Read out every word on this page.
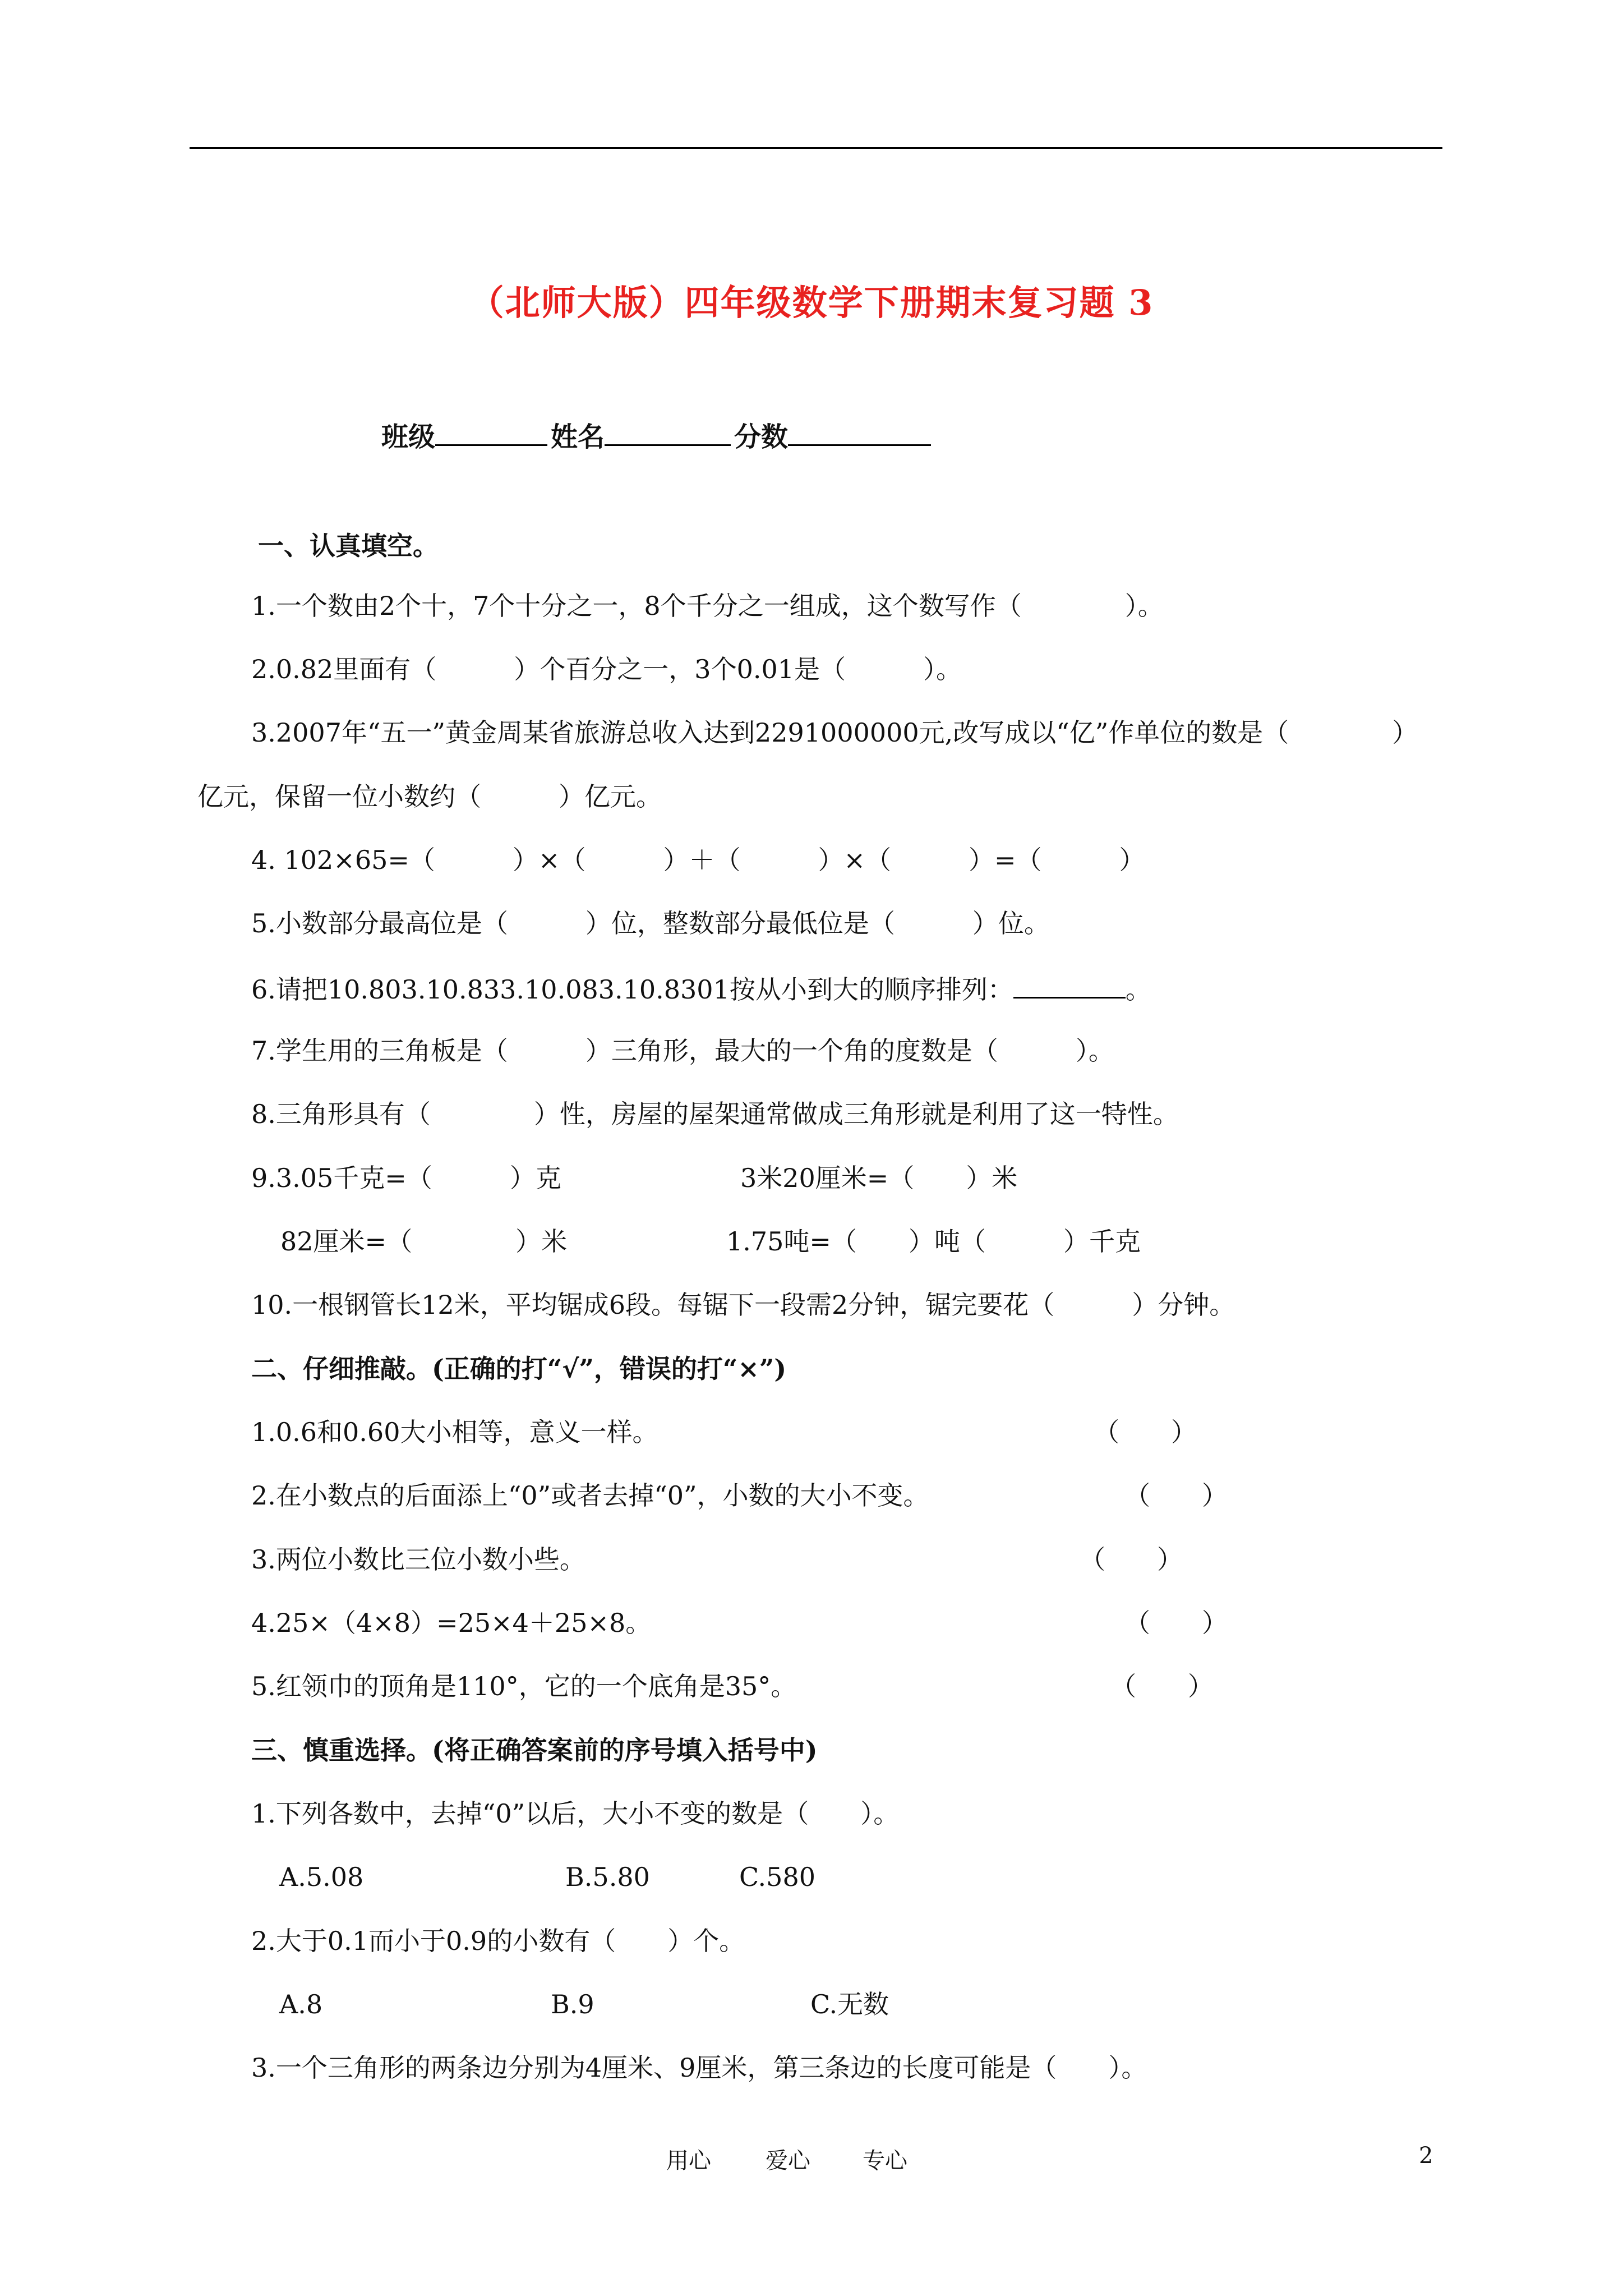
（北师大版）四年级数学下册期末复习题 3
班级	姓名	分数
一、认真填空。
1.一个数由2个十，7个十分之一，8个千分之一组成，这个数写作（　　　　）。
2.0.82里面有（　　　）个百分之一，3个0.01是（　　　）。
3.2007年“五一”黄金周某省旅游总收入达到2291000000元,改写成以“亿”作单位的数是（　　　　）
亿元，保留一位小数约（　　　）亿元。
4. 102×65=（　　　）×（　　　）＋（　　　）×（　　　）=（　　　）
5.小数部分最高位是（　　　）位，整数部分最低位是（　　　）位。
6.请把10.803.10.833.10.083.10.8301按从小到大的顺序排列：	。
7.学生用的三角板是（　　　）三角形，最大的一个角的度数是（　　　）。
8.三角形具有（　　　　）性，房屋的屋架通常做成三角形就是利用了这一特性。
9.3.05千克=（　　　）克	3米20厘米=（　　）米
82厘米=（　　　　）米	1.75吨=（　　）吨（　　　）千克
10.一根钢管长12米，平均锯成6段。每锯下一段需2分钟，锯完要花（　　　）分钟。
二、仔细推敲。(正确的打“√”，错误的打“×”)
1.0.6和0.60大小相等，意义一样。	（　　）
2.在小数点的后面添上“0”或者去掉“0”，小数的大小不变。	（　　）
3.两位小数比三位小数小些。	（　　）
4.25×（4×8）=25×4＋25×8。	（　　）
5.红领巾的顶角是110°，它的一个底角是35°。	（　　）
三、慎重选择。(将正确答案前的序号填入括号中)
1.下列各数中，去掉“0”以后，大小不变的数是（　　）。
A.5.08	B.5.80	C.580
2.大于0.1而小于0.9的小数有（　　）个。
A.8	B.9	C.无数
3.一个三角形的两条边分别为4厘米、9厘米，第三条边的长度可能是（　　）。
用心 爱心 专心	2
